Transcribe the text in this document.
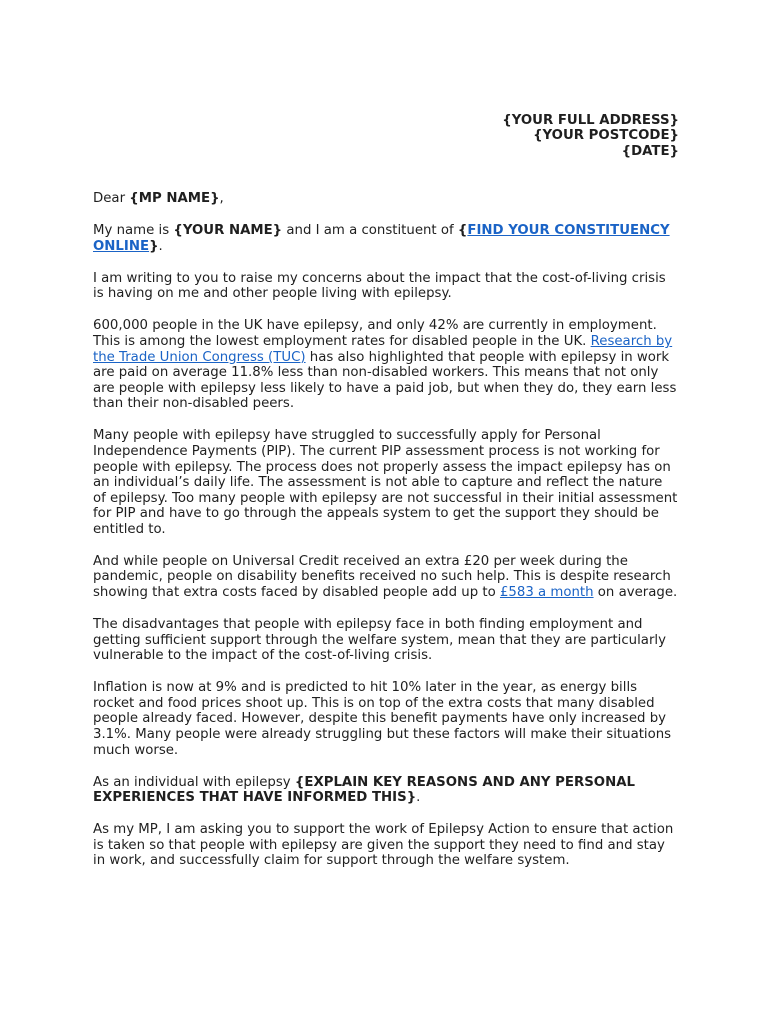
{YOUR FULL ADDRESS}
{YOUR POSTCODE}
{DATE}

Dear {MP NAME},

My name is {YOUR NAME} and I am a constituent of {FIND YOUR CONSTITUENCY ONLINE}.

I am writing to you to raise my concerns about the impact that the cost-of-living crisis is having on me and other people living with epilepsy.

600,000 people in the UK have epilepsy, and only 42% are currently in employment. This is among the lowest employment rates for disabled people in the UK. Research by the Trade Union Congress (TUC) has also highlighted that people with epilepsy in work are paid on average 11.8% less than non-disabled workers. This means that not only are people with epilepsy less likely to have a paid job, but when they do, they earn less than their non-disabled peers.

Many people with epilepsy have struggled to successfully apply for Personal Independence Payments (PIP). The current PIP assessment process is not working for people with epilepsy. The process does not properly assess the impact epilepsy has on an individual’s daily life. The assessment is not able to capture and reflect the nature of epilepsy. Too many people with epilepsy are not successful in their initial assessment for PIP and have to go through the appeals system to get the support they should be entitled to.

And while people on Universal Credit received an extra £20 per week during the pandemic, people on disability benefits received no such help. This is despite research showing that extra costs faced by disabled people add up to £583 a month on average.

The disadvantages that people with epilepsy face in both finding employment and getting sufficient support through the welfare system, mean that they are particularly vulnerable to the impact of the cost-of-living crisis.

Inflation is now at 9% and is predicted to hit 10% later in the year, as energy bills rocket and food prices shoot up. This is on top of the extra costs that many disabled people already faced. However, despite this benefit payments have only increased by 3.1%. Many people were already struggling but these factors will make their situations much worse.

As an individual with epilepsy {EXPLAIN KEY REASONS AND ANY PERSONAL EXPERIENCES THAT HAVE INFORMED THIS}.

As my MP, I am asking you to support the work of Epilepsy Action to ensure that action is taken so that people with epilepsy are given the support they need to find and stay in work, and successfully claim for support through the welfare system.
